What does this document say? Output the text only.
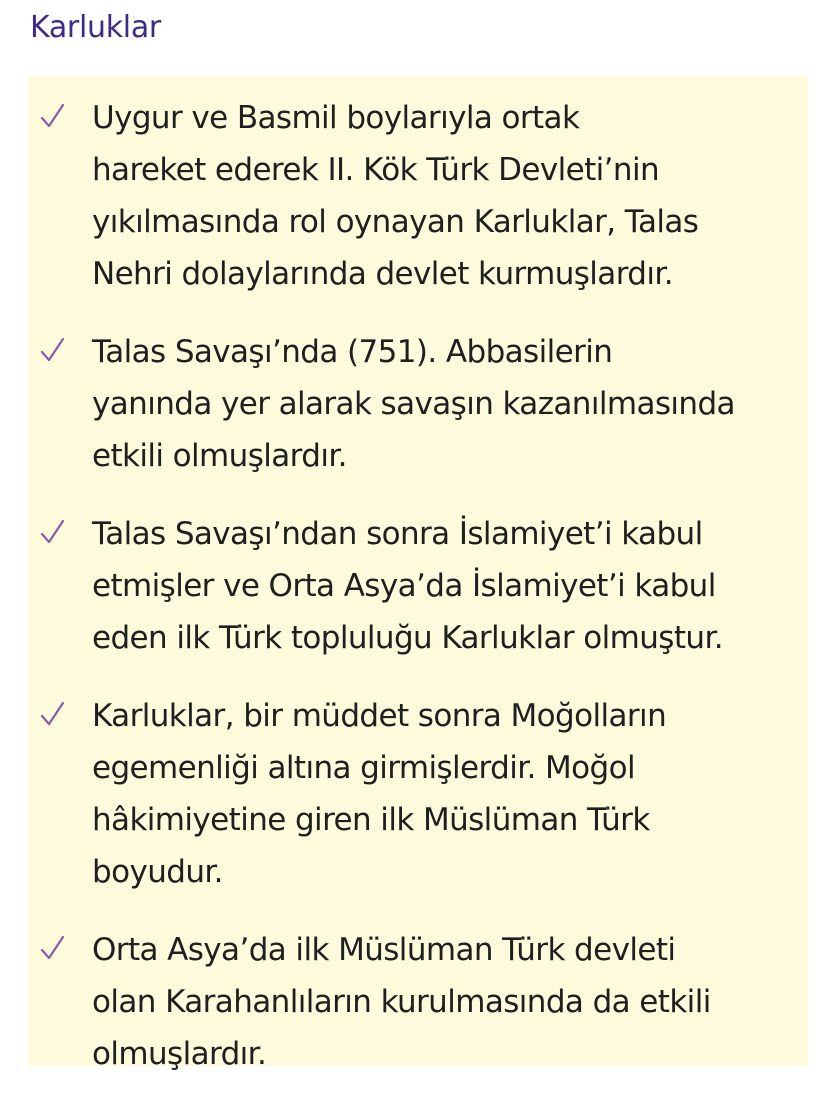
Karluklar
Uygur ve Basmil boylarıyla ortak
hareket ederek II. Kök Türk Devleti’nin
yıkılmasında rol oynayan Karluklar, Talas
Nehri dolaylarında devlet kurmuşlardır.
Talas Savaşı’nda (751). Abbasilerin
yanında yer alarak savaşın kazanılmasında
etkili olmuşlardır.
Talas Savaşı’ndan sonra İslamiyet’i kabul
etmişler ve Orta Asya’da İslamiyet’i kabul
eden ilk Türk topluluğu Karluklar olmuştur.
Karluklar, bir müddet sonra Moğolların
egemenliği altına girmişlerdir. Moğol
hâkimiyetine giren ilk Müslüman Türk
boyudur.
Orta Asya’da ilk Müslüman Türk devleti
olan Karahanlıların kurulmasında da etkili
olmuşlardır.
